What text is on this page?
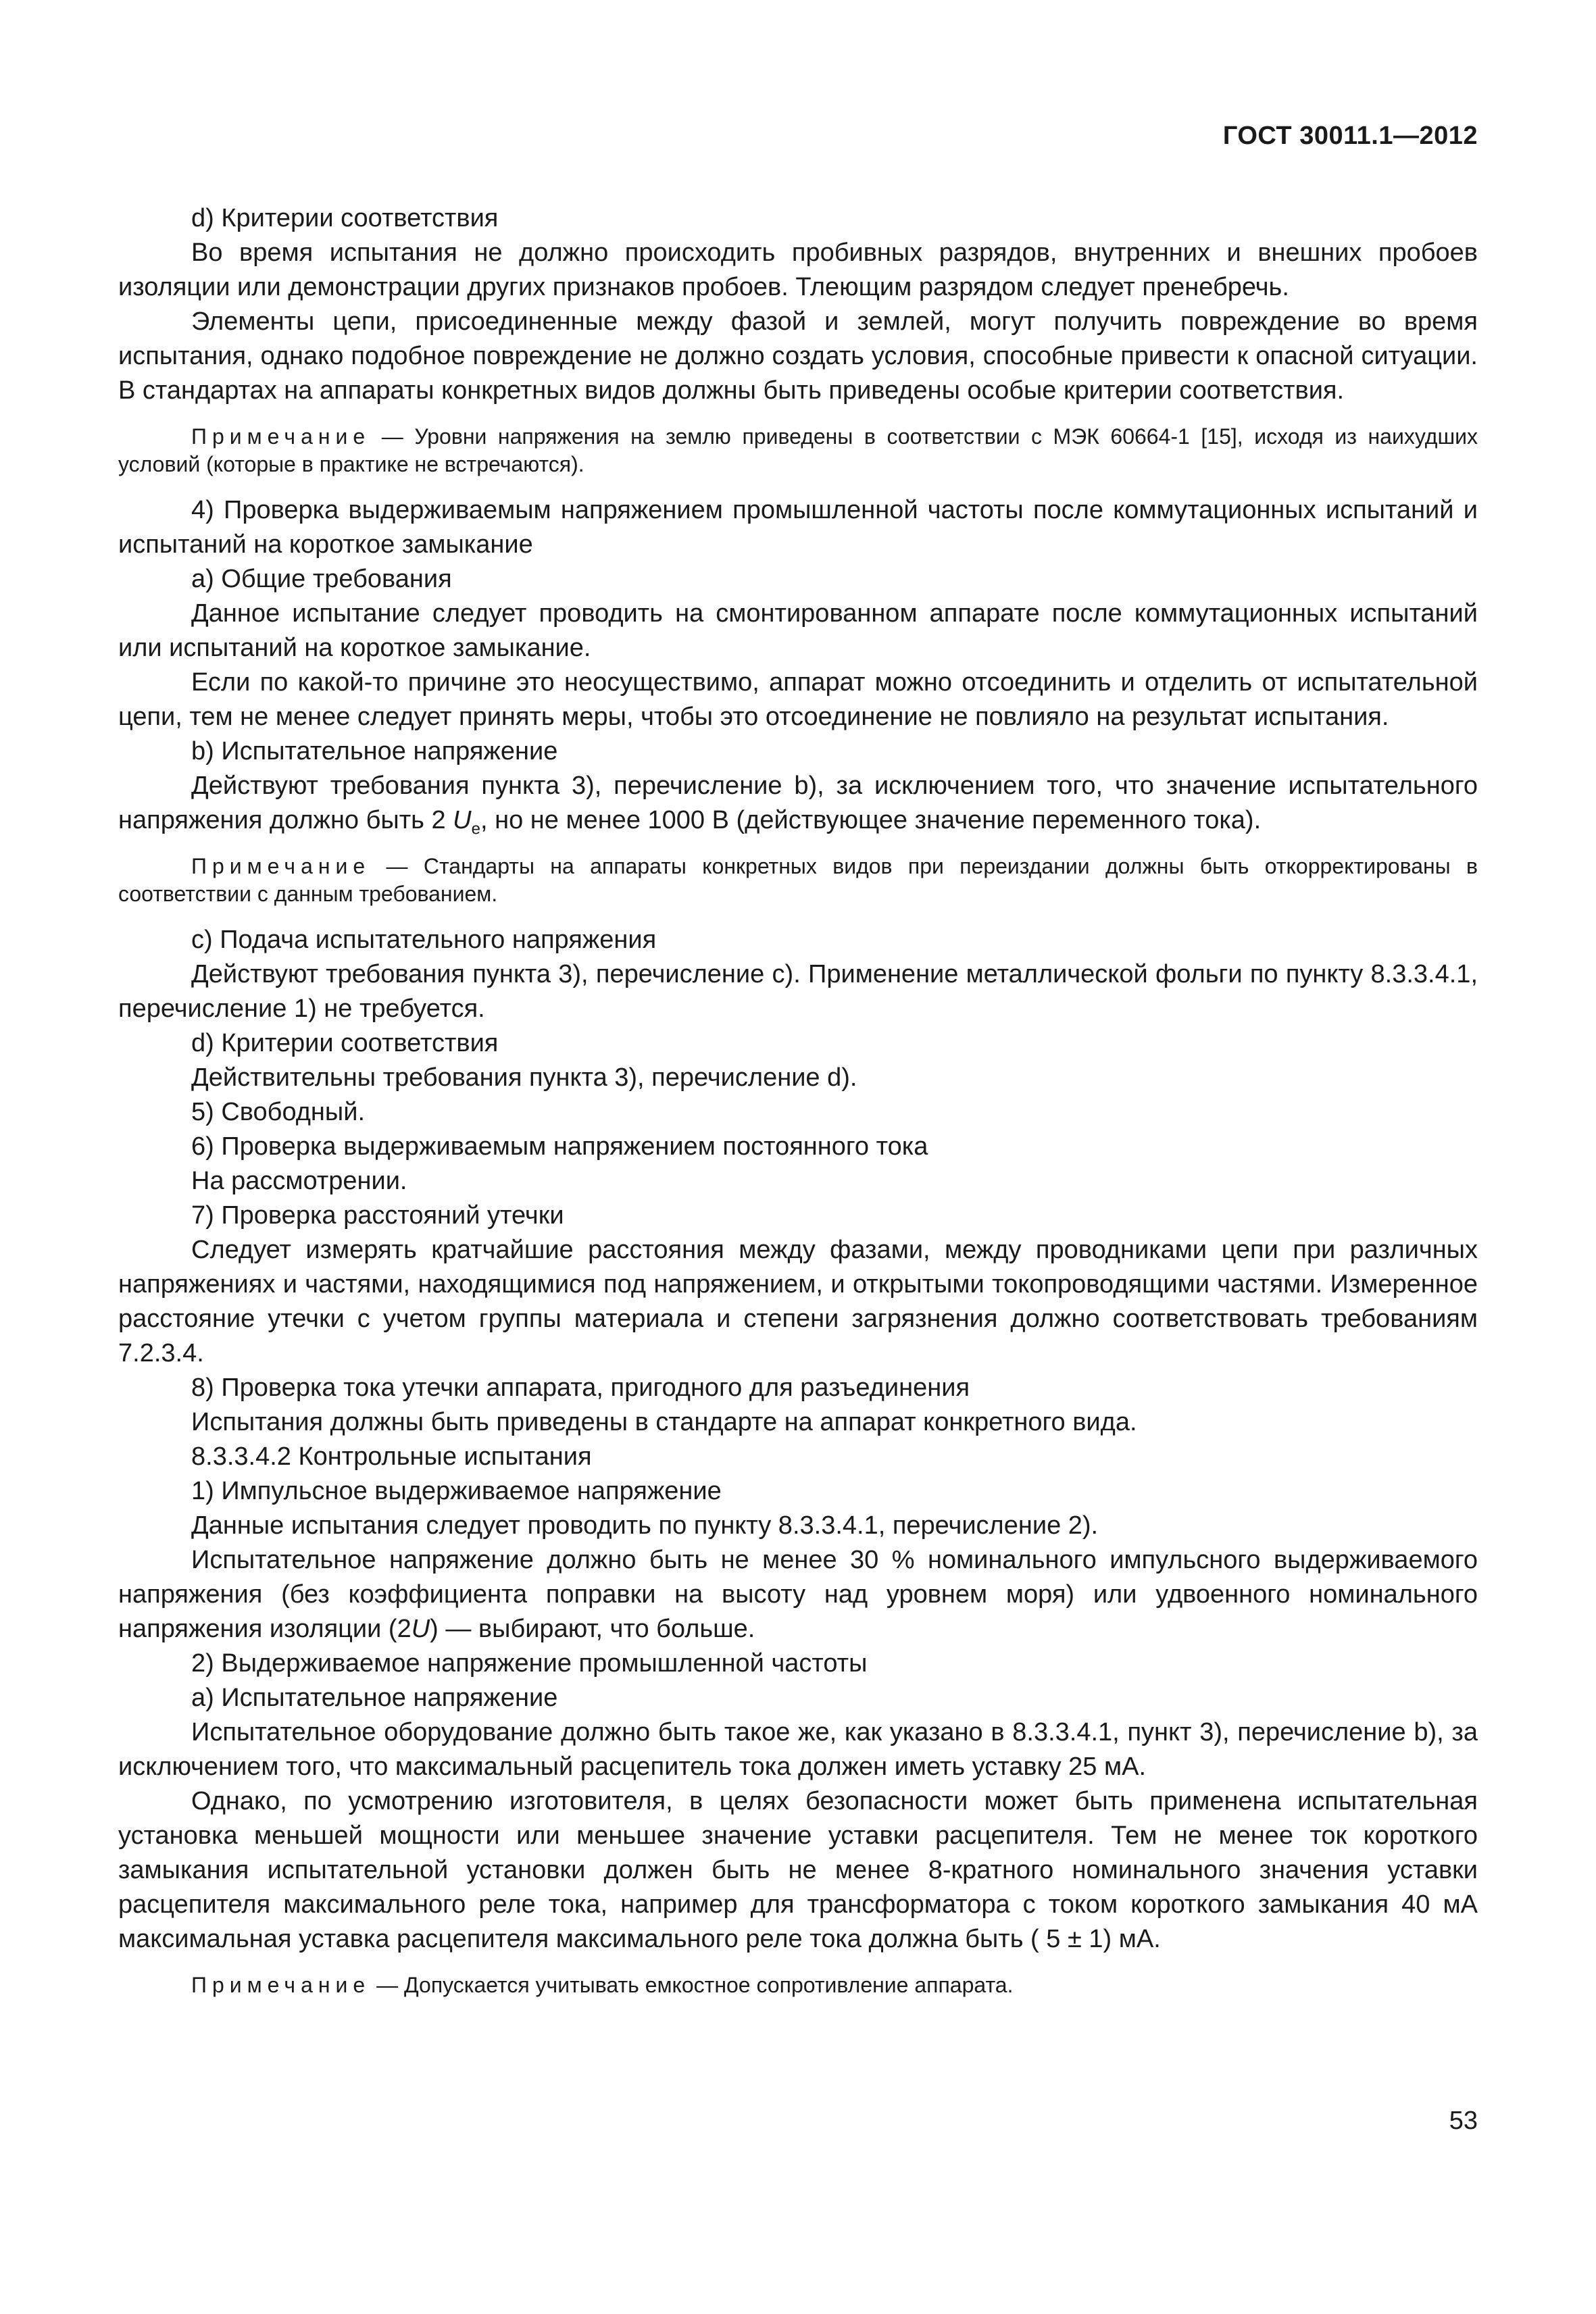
ГОСТ 30011.1—2012

d) Критерии соответствия

Во время испытания не должно происходить пробивных разрядов, внутренних и внешних пробоев изоляции или демонстрации других признаков пробоев. Тлеющим разрядом следует пренебречь.

Элементы цепи, присоединенные между фазой и землей, могут получить повреждение во время испытания, однако подобное повреждение не должно создать условия, способные привести к опасной ситуации. В стандартах на аппараты конкретных видов должны быть приведены особые критерии соответствия.

Примечание — Уровни напряжения на землю приведены в соответствии с МЭК 60664-1 [15], исходя из наихудших условий (которые в практике не встречаются).

4) Проверка выдерживаемым напряжением промышленной частоты после коммутационных испытаний и испытаний на короткое замыкание

a) Общие требования

Данное испытание следует проводить на смонтированном аппарате после коммутационных испытаний или испытаний на короткое замыкание.

Если по какой-то причине это неосуществимо, аппарат можно отсоединить и отделить от испытательной цепи, тем не менее следует принять меры, чтобы это отсоединение не повлияло на результат испытания.

b) Испытательное напряжение

Действуют требования пункта 3), перечисление b), за исключением того, что значение испытательного напряжения должно быть 2 $U_e$, но не менее 1000 В (действующее значение переменного тока).

Примечание — Стандарты на аппараты конкретных видов при переиздании должны быть откорректированы в соответствии с данным требованием.

c) Подача испытательного напряжения

Действуют требования пункта 3), перечисление c). Применение металлической фольги по пункту 8.3.3.4.1, перечисление 1) не требуется.

d) Критерии соответствия

Действительны требования пункта 3), перечисление d).

5) Свободный.

6) Проверка выдерживаемым напряжением постоянного тока

На рассмотрении.

7) Проверка расстояний утечки

Следует измерять кратчайшие расстояния между фазами, между проводниками цепи при различных напряжениях и частями, находящимися под напряжением, и открытыми токопроводящими частями. Измеренное расстояние утечки с учетом группы материала и степени загрязнения должно соответствовать требованиям 7.2.3.4.

8) Проверка тока утечки аппарата, пригодного для разъединения

Испытания должны быть приведены в стандарте на аппарат конкретного вида.

8.3.3.4.2 Контрольные испытания

1) Импульсное выдерживаемое напряжение

Данные испытания следует проводить по пункту 8.3.3.4.1, перечисление 2).

Испытательное напряжение должно быть не менее 30 % номинального импульсного выдерживаемого напряжения (без коэффициента поправки на высоту над уровнем моря) или удвоенного номинального напряжения изоляции (2U) — выбирают, что больше.

2) Выдерживаемое напряжение промышленной частоты

a) Испытательное напряжение

Испытательное оборудование должно быть такое же, как указано в 8.3.3.4.1, пункт 3), перечисление b), за исключением того, что максимальный расцепитель тока должен иметь уставку 25 мА.

Однако, по усмотрению изготовителя, в целях безопасности может быть применена испытательная установка меньшей мощности или меньшее значение уставки расцепителя. Тем не менее ток короткого замыкания испытательной установки должен быть не менее 8-кратного номинального значения уставки расцепителя максимального реле тока, например для трансформатора с током короткого замыкания 40 мА максимальная уставка расцепителя максимального реле тока должна быть ( 5 ± 1) мА.

Примечание — Допускается учитывать емкостное сопротивление аппарата.

53
